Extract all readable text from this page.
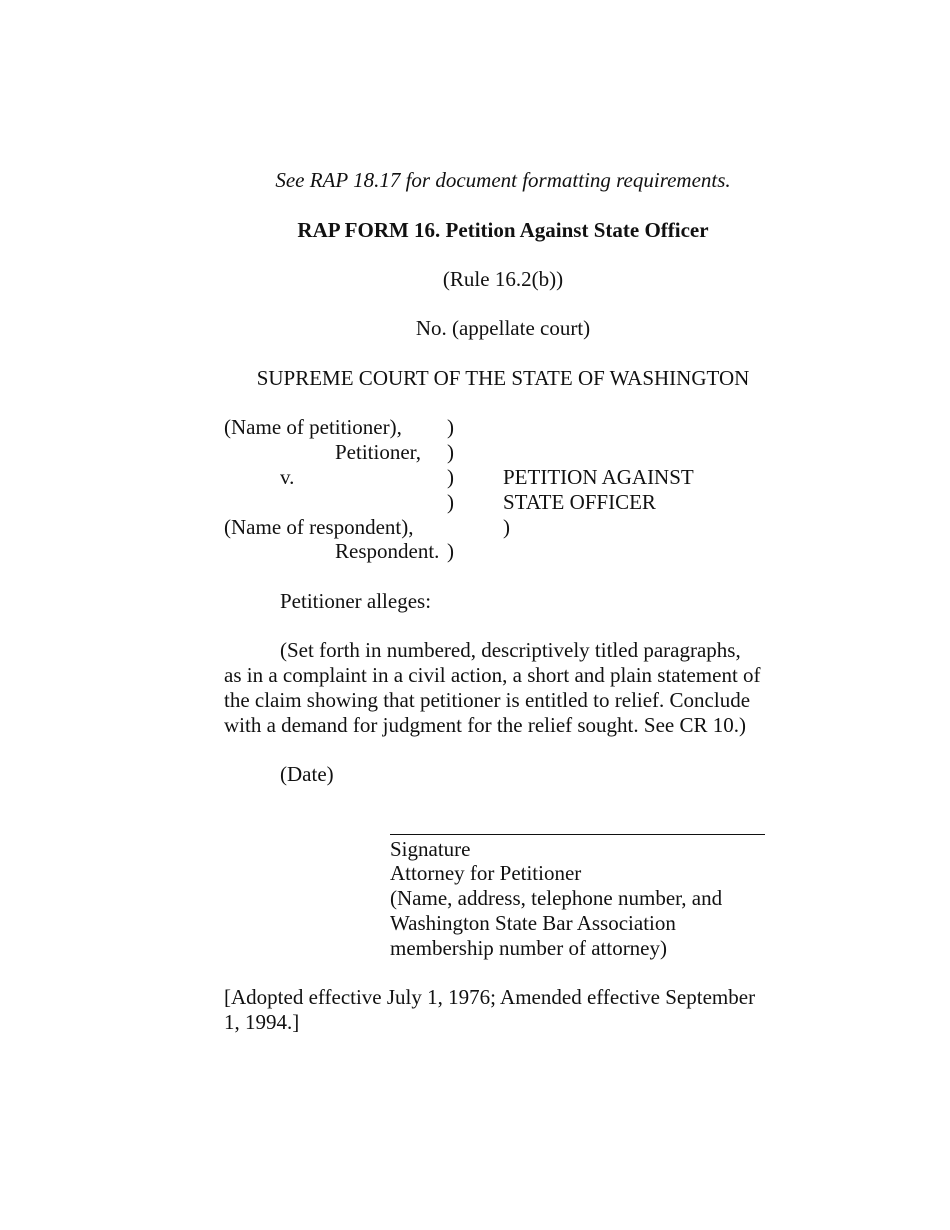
See RAP 18.17 for document formatting requirements.
RAP FORM 16. Petition Against State Officer
(Rule 16.2(b))
No. (appellate court)
SUPREME COURT OF THE STATE OF WASHINGTON
(Name of petitioner), )
Petitioner, )
v.	) PETITION AGAINST
) STATE OFFICER
(Name of respondent),	)
Respondent. )
Petitioner alleges:
(Set forth in numbered, descriptively titled paragraphs,
as in a complaint in a civil action, a short and plain statement of
the claim showing that petitioner is entitled to relief. Conclude
with a demand for judgment for the relief sought. See CR 10.)
(Date)
Signature
Attorney for Petitioner
(Name, address, telephone number, and
Washington State Bar Association
membership number of attorney)
[Adopted effective July 1, 1976; Amended effective September
1, 1994.]
